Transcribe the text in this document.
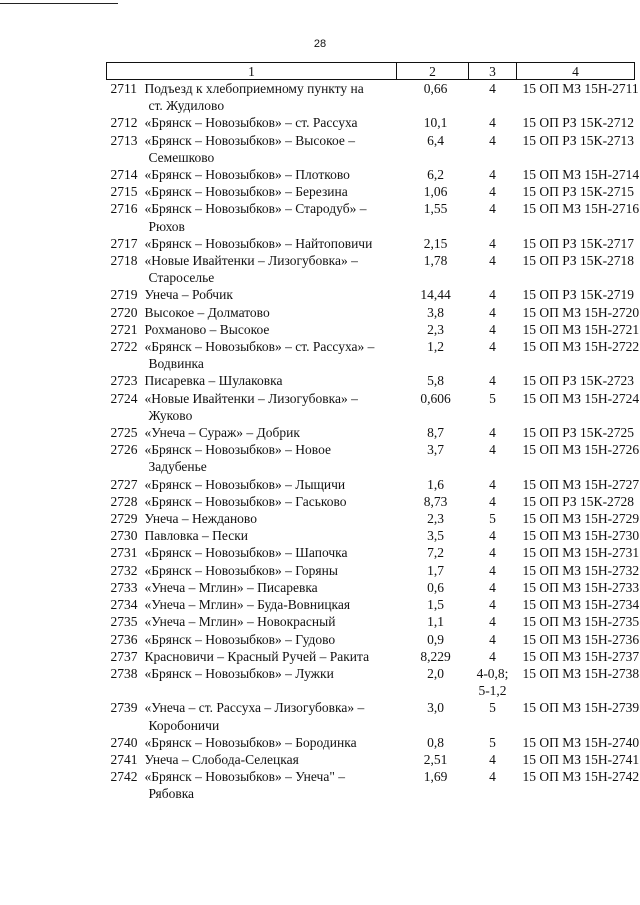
28
1	2	3	4
2711 Подъезд к хлебоприемному пункту на
ст. Жудилово	0,66	4	15 ОП МЗ 15Н-2711
2712 «Брянск – Новозыбков» – ст. Рассуха	10,1	4	15 ОП РЗ 15К-2712
2713 «Брянск – Новозыбков» – Высокое –
Семешково	6,4	4	15 ОП РЗ 15К-2713
2714 «Брянск – Новозыбков» – Плотково	6,2	4	15 ОП МЗ 15Н-2714
2715 «Брянск – Новозыбков» – Березина	1,06	4	15 ОП РЗ 15К-2715
2716 «Брянск – Новозыбков» – Стародуб» –
Рюхов	1,55	4	15 ОП МЗ 15Н-2716
2717 «Брянск – Новозыбков» – Найтоповичи	2,15	4	15 ОП РЗ 15К-2717
2718 «Новые Ивайтенки – Лизогубовка» –
Старосельe	1,78	4	15 ОП РЗ 15К-2718
2719 Унеча – Робчик	14,44	4	15 ОП РЗ 15К-2719
2720 Высокое – Долматово	3,8	4	15 ОП МЗ 15Н-2720
2721 Рохманово – Высокое	2,3	4	15 ОП МЗ 15Н-2721
2722 «Брянск – Новозыбков» – ст. Рассуха» –
Водвинка	1,2	4	15 ОП МЗ 15Н-2722
2723 Писаревка – Шулаковка	5,8	4	15 ОП РЗ 15К-2723
2724 «Новые Ивайтенки – Лизогубовка» –
Жуково	0,606	5	15 ОП МЗ 15Н-2724
2725 «Унеча – Сураж» – Добрик	8,7	4	15 ОП РЗ 15К-2725
2726 «Брянск – Новозыбков» – Новое
Задубенье	3,7	4	15 ОП МЗ 15Н-2726
2727 «Брянск – Новозыбков» – Лыщичи	1,6	4	15 ОП МЗ 15Н-2727
2728 «Брянск – Новозыбков» – Гаськово	8,73	4	15 ОП РЗ 15К-2728
2729 Унеча – Нежданово	2,3	5	15 ОП МЗ 15Н-2729
2730 Павловка – Пески	3,5	4	15 ОП МЗ 15Н-2730
2731 «Брянск – Новозыбков» – Шапочка	7,2	4	15 ОП МЗ 15Н-2731
2732 «Брянск – Новозыбков» – Горяны	1,7	4	15 ОП МЗ 15Н-2732
2733 «Унеча – Мглин» – Писаревка	0,6	4	15 ОП МЗ 15Н-2733
2734 «Унеча – Мглин» – Буда-Вовницкая	1,5	4	15 ОП МЗ 15Н-2734
2735 «Унеча – Мглин» – Новокрасный	1,1	4	15 ОП МЗ 15Н-2735
2736 «Брянск – Новозыбков» – Гудово	0,9	4	15 ОП МЗ 15Н-2736
2737 Красновичи – Красный Ручей – Ракита	8,229	4	15 ОП МЗ 15Н-2737
2738 «Брянск – Новозыбков» – Лужки	2,0	4-0,8;
5-1,2	15 ОП МЗ 15Н-2738
2739 «Унеча – ст. Рассуха – Лизогубовка» –
Коробоничи	3,0	5	15 ОП МЗ 15Н-2739
2740 «Брянск – Новозыбков» – Бородинка	0,8	5	15 ОП МЗ 15Н-2740
2741 Унеча – Слобода-Селецкая	2,51	4	15 ОП МЗ 15Н-2741
2742 «Брянск – Новозыбков» – Унеча" –
Рябовка	1,69	4	15 ОП МЗ 15Н-2742
